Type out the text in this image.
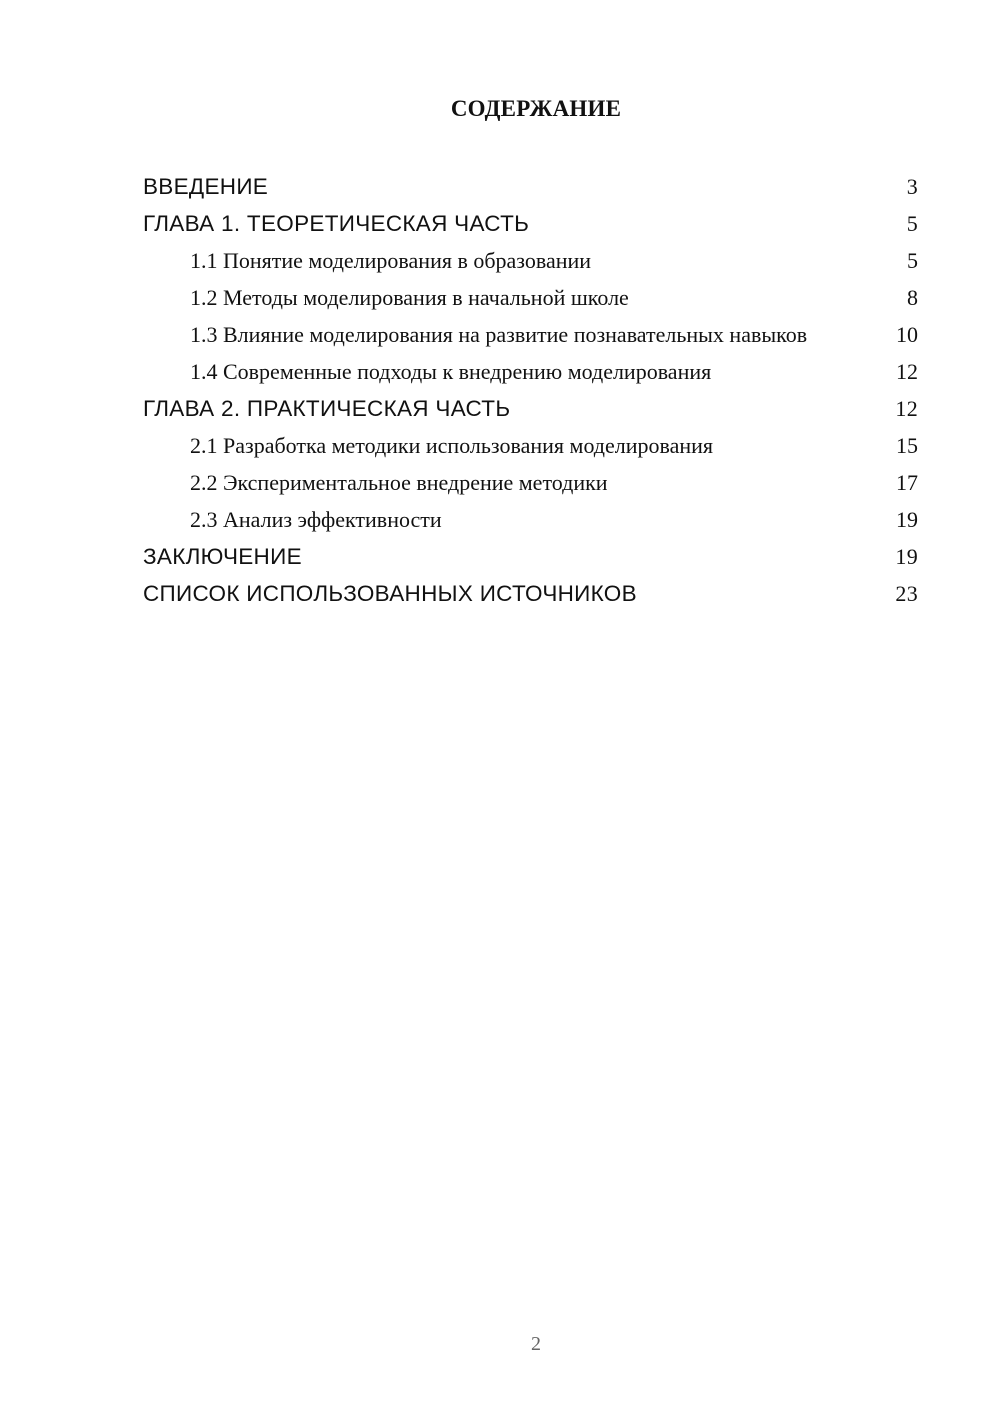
СОДЕРЖАНИЕ
ВВЕДЕНИЕ	3
ГЛАВА 1. ТЕОРЕТИЧЕСКАЯ ЧАСТЬ	5
1.1 Понятие моделирования в образовании	5
1.2 Методы моделирования в начальной школе	8
1.3 Влияние моделирования на развитие познавательных навыков	10
1.4 Современные подходы к внедрению моделирования	12
ГЛАВА 2. ПРАКТИЧЕСКАЯ ЧАСТЬ	12
2.1 Разработка методики использования моделирования	15
2.2 Экспериментальное внедрение методики	17
2.3 Анализ эффективности	19
ЗАКЛЮЧЕНИЕ	19
СПИСОК ИСПОЛЬЗОВАННЫХ ИСТОЧНИКОВ	23
2
